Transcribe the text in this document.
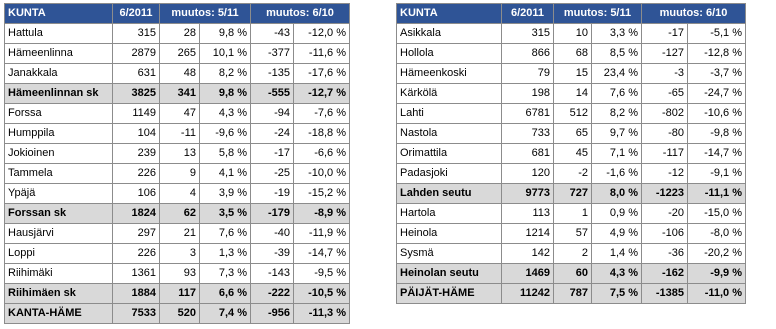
KUNTA	6/2011	muutos: 5/11		muutos: 6/10	
Hattula	315	28	9,8 %	-43	-12,0 %
Hämeenlinna	2879	265	10,1 %	-377	-11,6 %
Janakkala	631	48	8,2 %	-135	-17,6 %
Hämeenlinnan sk	3825	341	9,8 %	-555	-12,7 %
Forssa	1149	47	4,3 %	-94	-7,6 %
Humppila	104	-11	-9,6 %	-24	-18,8 %
Jokioinen	239	13	5,8 %	-17	-6,6 %
Tammela	226	9	4,1 %	-25	-10,0 %
Ypäjä	106	4	3,9 %	-19	-15,2 %
Forssan sk	1824	62	3,5 %	-179	-8,9 %
Hausjärvi	297	21	7,6 %	-40	-11,9 %
Loppi	226	3	1,3 %	-39	-14,7 %
Riihimäki	1361	93	7,3 %	-143	-9,5 %
Riihimäen sk	1884	117	6,6 %	-222	-10,5 %
KANTA-HÄME	7533	520	7,4 %	-956	-11,3 %
KUNTA	6/2011	muutos: 5/11		muutos: 6/10	
Asikkala	315	10	3,3 %	-17	-5,1 %
Hollola	866	68	8,5 %	-127	-12,8 %
Hämeenkoski	79	15	23,4 %	-3	-3,7 %
Kärkölä	198	14	7,6 %	-65	-24,7 %
Lahti	6781	512	8,2 %	-802	-10,6 %
Nastola	733	65	9,7 %	-80	-9,8 %
Orimattila	681	45	7,1 %	-117	-14,7 %
Padasjoki	120	-2	-1,6 %	-12	-9,1 %
Lahden seutu	9773	727	8,0 %	-1223	-11,1 %
Hartola	113	1	0,9 %	-20	-15,0 %
Heinola	1214	57	4,9 %	-106	-8,0 %
Sysmä	142	2	1,4 %	-36	-20,2 %
Heinolan seutu	1469	60	4,3 %	-162	-9,9 %
PÄIJÄT-HÄME	11242	787	7,5 %	-1385	-11,0 %
